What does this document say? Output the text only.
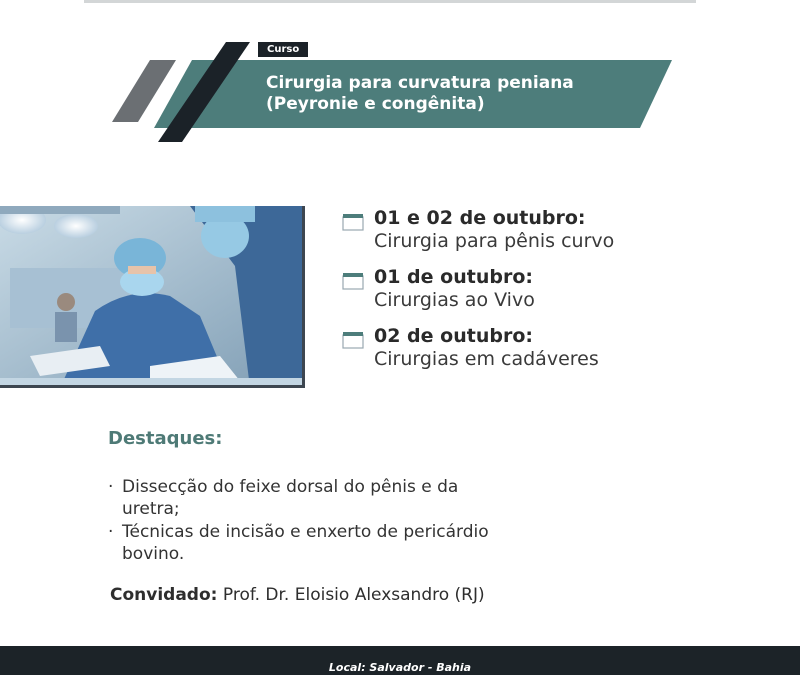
Curso
Cirurgia para curvatura peniana
(Peyronie e congênita)
01 e 02 de outubro:
Cirurgia para pênis curvo
01 de outubro:
Cirurgias ao Vivo
02 de outubro:
Cirurgias em cadáveres
Destaques:
· Dissecção do feixe dorsal do pênis e da
uretra;
· Técnicas de incisão e enxerto de pericárdio
bovino.
Convidado: Prof. Dr. Eloisio Alexsandro (RJ)
Local: Salvador - Bahia
